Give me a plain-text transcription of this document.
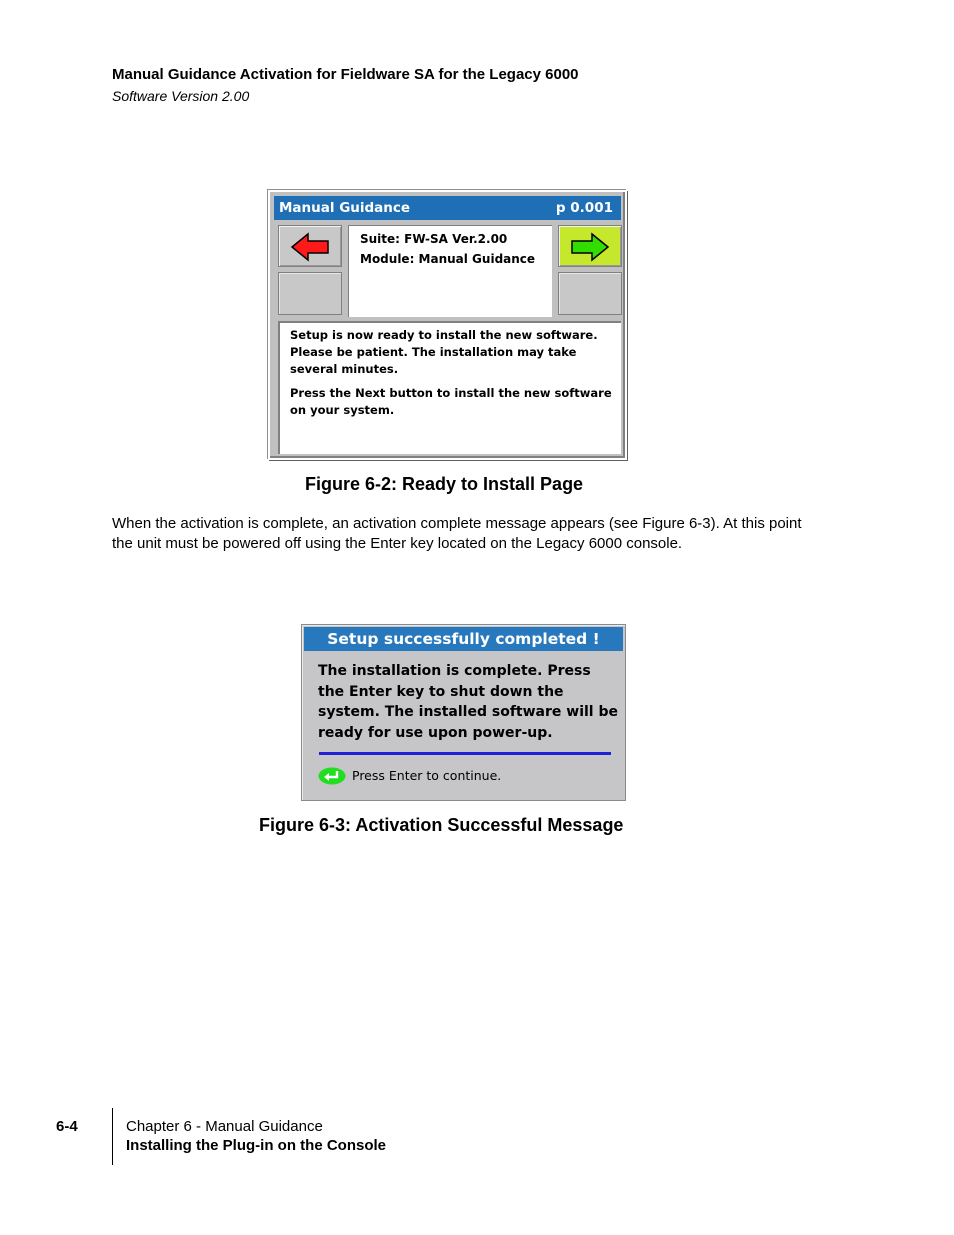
Manual Guidance Activation for Fieldware SA for the Legacy 6000
Software Version 2.00
Manual Guidance	p 0.001
Suite: FW-SA Ver.2.00
Module: Manual Guidance

Setup is now ready to install the new software. Please be patient. The installation may take several minutes.

Press the Next button to install the new software on your system.

Figure 6-2: Ready to Install Page
When the activation is complete, an activation complete message appears (see Figure 6-3). At this point the unit must be powered off using the Enter key located on the Legacy 6000 console.
Setup successfully completed !
The installation is complete. Press the Enter key to shut down the system. The installed software will be ready for use upon power-up.
Press Enter to continue.
Figure 6-3: Activation Successful Message
6-4	Chapter 6 - Manual Guidance
Installing the Plug-in on the Console
